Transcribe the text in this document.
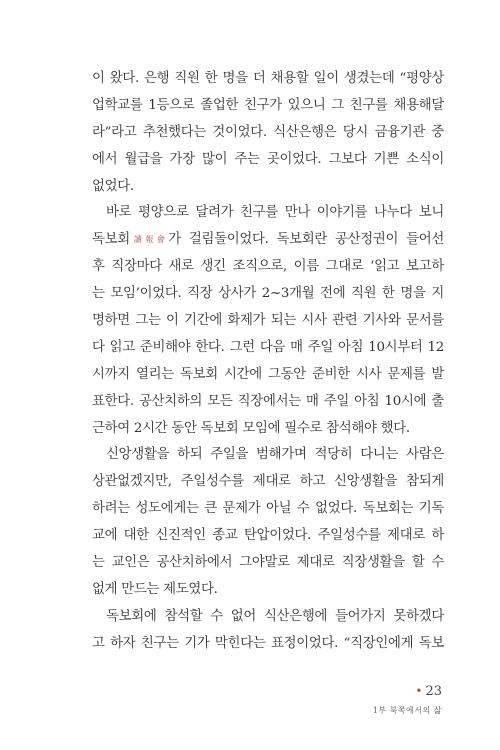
이 왔다. 은행 직원 한 명을 더 채용할 일이 생겼는데 “평양상
업학교를 1등으로 졸업한 친구가 있으니 그 친구를 채용해달
라”라고 추천했다는 것이었다. 식산은행은 당시 금융기관 중
에서 월급을 가장 많이 주는 곳이었다. 그보다 기쁜 소식이
없었다.
바로 평양으로 달려가 친구를 만나 이야기를 나누다 보니
독보회讀報會가 걸림돌이었다. 독보회란 공산정권이 들어선
후 직장마다 새로 생긴 조직으로, 이름 그대로 ‘읽고 보고하
는 모임’이었다. 직장 상사가 2~3개월 전에 직원 한 명을 지
명하면 그는 이 기간에 화제가 되는 시사 관련 기사와 문서를
다 읽고 준비해야 한다. 그런 다음 매 주일 아침 10시부터 12
시까지 열리는 독보회 시간에 그동안 준비한 시사 문제를 발
표한다. 공산치하의 모든 직장에서는 매 주일 아침 10시에 출
근하여 2시간 동안 독보회 모임에 필수로 참석해야 했다.
신앙생활을 하되 주일을 범해가며 적당히 다니는 사람은
상관없겠지만, 주일성수를 제대로 하고 신앙생활을 참되게
하려는 성도에게는 큰 문제가 아닐 수 없었다. 독보회는 기독
교에 대한 신진적인 종교 탄압이었다. 주일성수를 제대로 하
는 교인은 공산치하에서 그야말로 제대로 직장생활을 할 수
없게 만드는 제도였다.
독보회에 참석할 수 없어 식산은행에 들어가지 못하겠다
고 하자 친구는 기가 막힌다는 표정이었다. “직장인에게 독보
• 23
1부 북쪽에서의 삶
